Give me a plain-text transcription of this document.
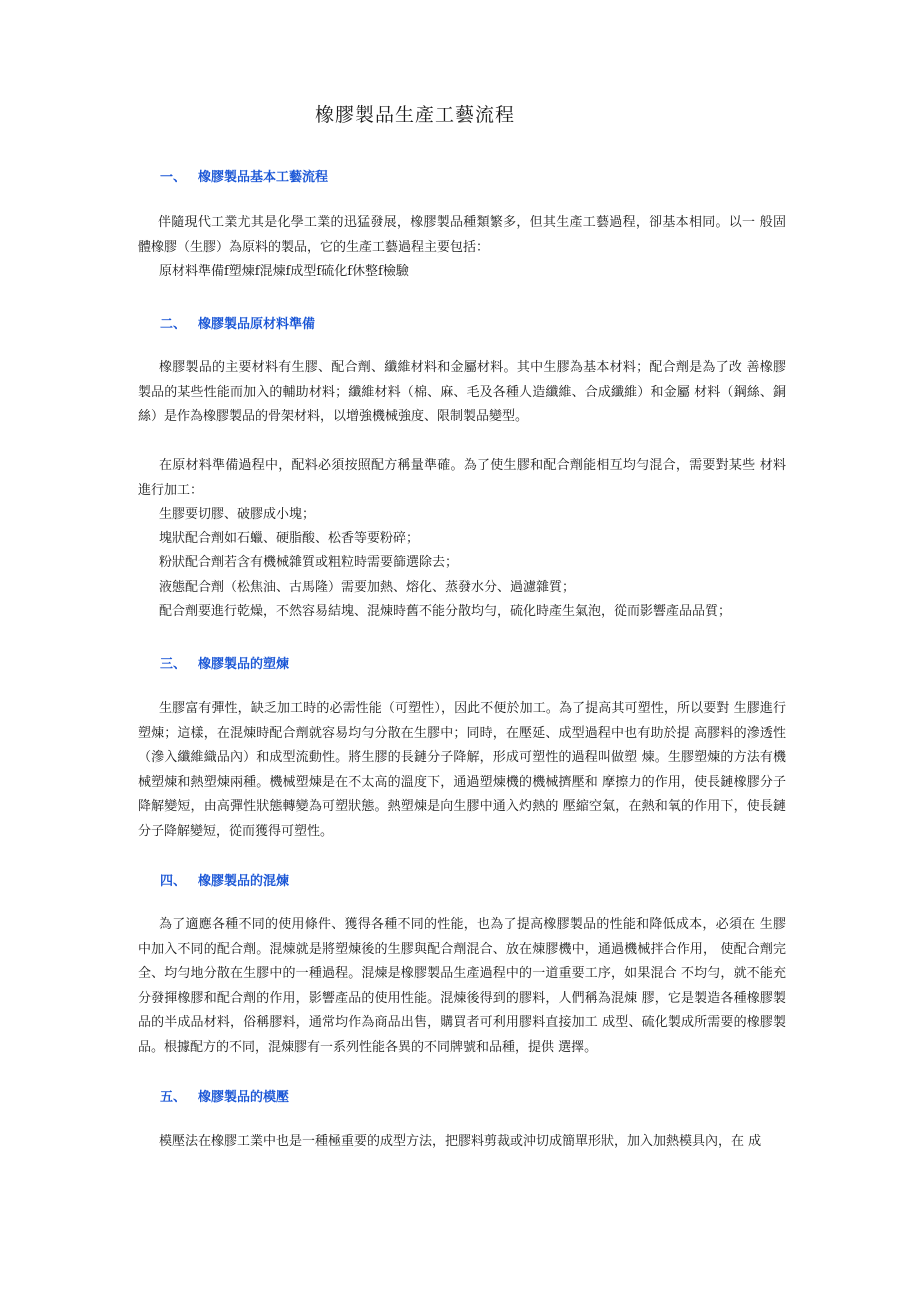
橡膠製品生產工藝流程
一、 橡膠製品基本工藝流程
伴隨現代工業尤其是化學工業的迅猛發展，橡膠製品種類繁多，但其生產工藝過程，卻基本相同。以一 般固體橡膠（生膠）為原料的製品，它的生產工藝過程主要包括：
原材料準備f塑煉f混煉f成型f硫化f休整f檢驗
二、 橡膠製品原材料準備
橡膠製品的主要材料有生膠、配合劑、纖維材料和金屬材料。其中生膠為基本材料；配合劑是為了改 善橡膠製品的某些性能而加入的輔助材料；纖維材料（棉、麻、毛及各種人造纖維、合成纖維）和金屬 材料（鋼絲、銅絲）是作為橡膠製品的骨架材料，以增強機械強度、限制製品變型。
在原材料準備過程中，配料必須按照配方稱量準確。為了使生膠和配合劑能相互均勻混合，需要對某些 材料進行加工：
生膠要切膠、破膠成小塊；
塊狀配合劑如石蠟、硬脂酸、松香等要粉碎；
粉狀配合劑若含有機械雜質或粗粒時需要篩選除去；
液態配合劑（松焦油、古馬隆）需要加熱、熔化、蒸發水分、過濾雜質；
配合劑要進行乾燥，不然容易結塊、混煉時舊不能分散均勻，硫化時產生氣泡，從而影響產品品質；
三、 橡膠製品的塑煉
生膠富有彈性，缺乏加工時的必需性能（可塑性），因此不便於加工。為了提高其可塑性，所以要對 生膠進行塑煉；這樣，在混煉時配合劑就容易均勻分散在生膠中；同時，在壓延、成型過程中也有助於提 高膠料的滲透性（滲入纖維織品內）和成型流動性。將生膠的長鏈分子降解，形成可塑性的過程叫做塑 煉。生膠塑煉的方法有機械塑煉和熱塑煉兩種。機械塑煉是在不太高的溫度下，通過塑煉機的機械擠壓和 摩擦力的作用，使長鏈橡膠分子降解變短，由高彈性狀態轉變為可塑狀態。熱塑煉是向生膠中通入灼熱的 壓縮空氣，在熱和氧的作用下，使長鏈分子降解變短，從而獲得可塑性。
四、 橡膠製品的混煉
為了適應各種不同的使用條件、獲得各種不同的性能，也為了提高橡膠製品的性能和降低成本，必須在 生膠中加入不同的配合劑。混煉就是將塑煉後的生膠與配合劑混合、放在煉膠機中，通過機械拌合作用， 使配合劑完全、均勻地分散在生膠中的一種過程。混煉是橡膠製品生產過程中的一道重要工序，如果混合 不均勻，就不能充分發揮橡膠和配合劑的作用，影響產品的使用性能。混煉後得到的膠料，人們稱為混煉 膠，它是製造各種橡膠製品的半成品材料，俗稱膠料，通常均作為商品出售，購買者可利用膠料直接加工 成型、硫化製成所需要的橡膠製品。根據配方的不同，混煉膠有一系列性能各異的不同牌號和品種，提供 選擇。
五、 橡膠製品的模壓
模壓法在橡膠工業中也是一種極重要的成型方法，把膠料剪裁或沖切成簡單形狀，加入加熱模具內，在 成
